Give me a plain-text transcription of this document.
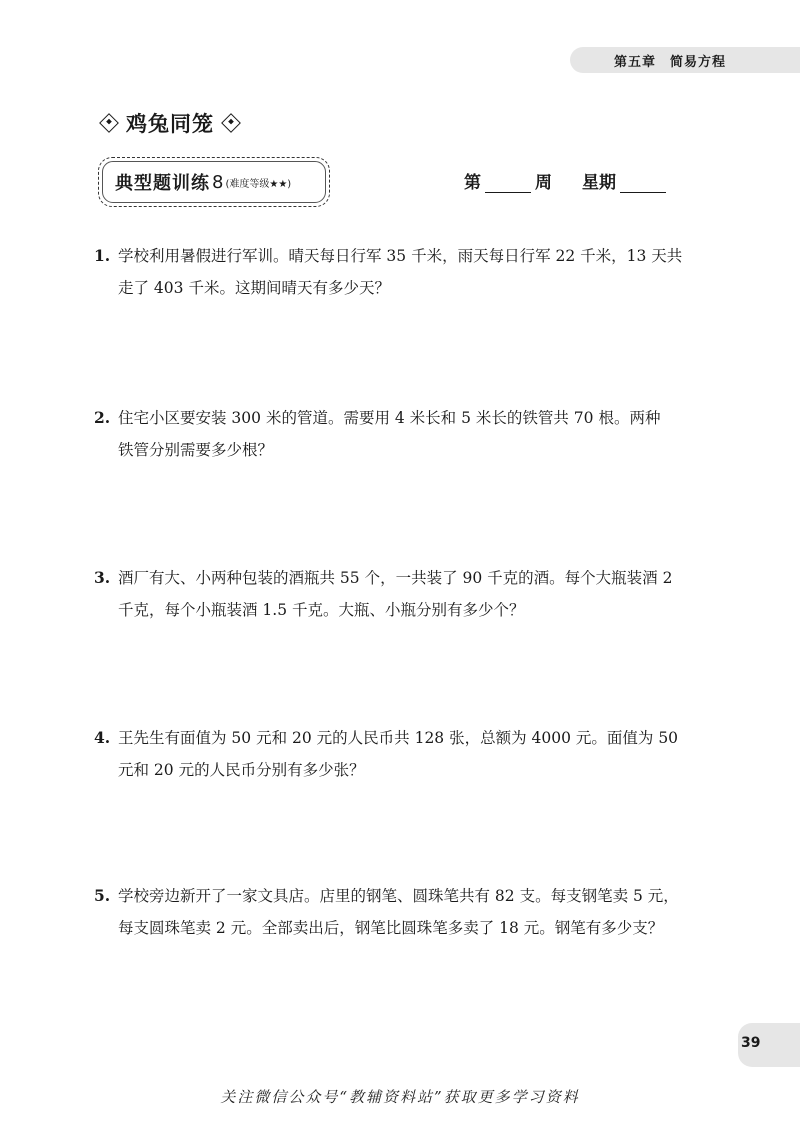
第五章　简易方程
鸡兔同笼
典型题训练 8 (难度等级★★)	第	周 星期
1. 学校利用暑假进行军训。晴天每日行军 35 千米，雨天每日行军 22 千米，13 天共
走了 403 千米。这期间晴天有多少天？
2. 住宅小区要安装 300 米的管道。需要用 4 米长和 5 米长的铁管共 70 根。两种
铁管分别需要多少根？
3. 酒厂有大、小两种包装的酒瓶共 55 个，一共装了 90 千克的酒。每个大瓶装酒 2
千克，每个小瓶装酒 1.5 千克。大瓶、小瓶分别有多少个？
4. 王先生有面值为 50 元和 20 元的人民币共 128 张，总额为 4000 元。面值为 50
元和 20 元的人民币分别有多少张？
5. 学校旁边新开了一家文具店。店里的钢笔、圆珠笔共有 82 支。每支钢笔卖 5 元，
每支圆珠笔卖 2 元。全部卖出后，钢笔比圆珠笔多卖了 18 元。钢笔有多少支？
39
关注微信公众号“教辅资料站”获取更多学习资料
